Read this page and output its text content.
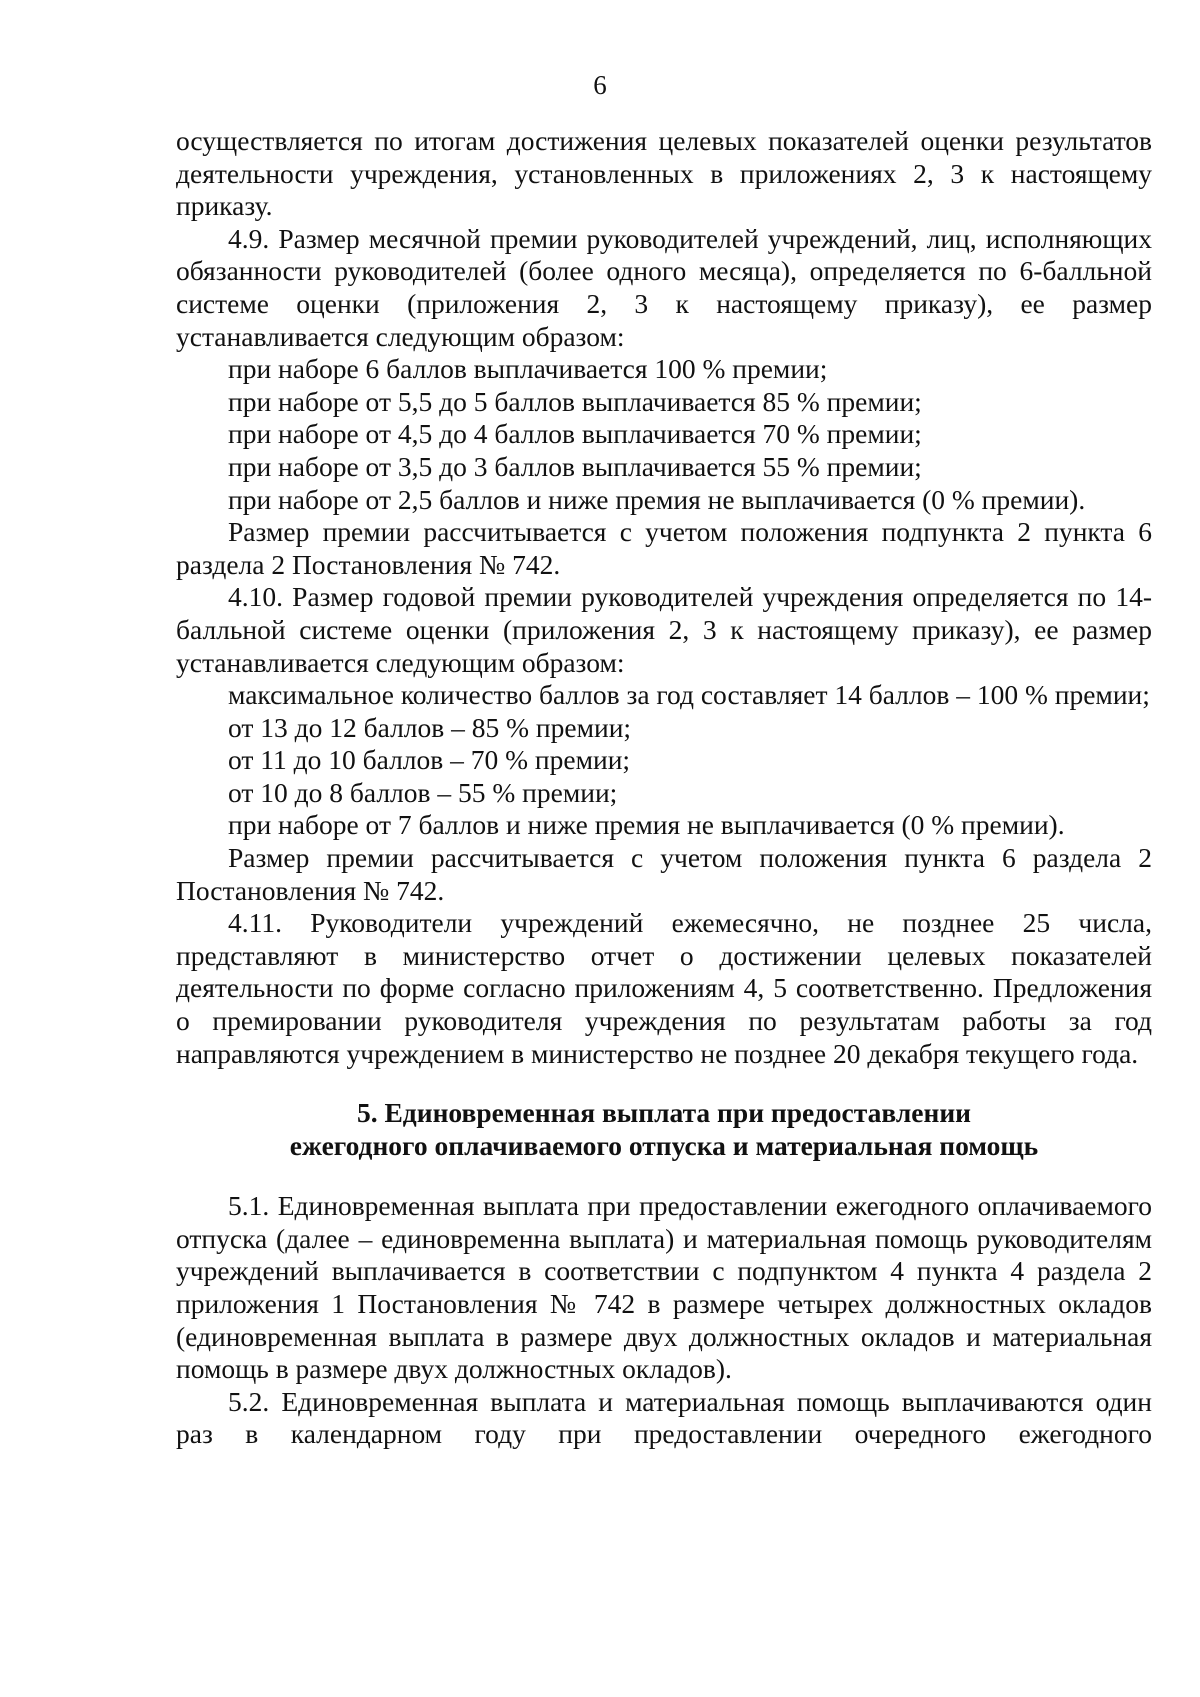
6

осуществляется по итогам достижения целевых показателей оценки результатов деятельности учреждения, установленных в приложениях 2, 3 к настоящему приказу.

4.9. Размер месячной премии руководителей учреждений, лиц, исполняющих обязанности руководителей (более одного месяца), определяется по 6-балльной системе оценки (приложения 2, 3 к настоящему приказу), ее размер устанавливается следующим образом:

при наборе 6 баллов выплачивается 100 % премии;

при наборе от 5,5 до 5 баллов выплачивается 85 % премии;

при наборе от 4,5 до 4 баллов выплачивается 70 % премии;

при наборе от 3,5 до 3 баллов выплачивается 55 % премии;

при наборе от 2,5 баллов и ниже премия не выплачивается (0 % премии).

Размер премии рассчитывается с учетом положения подпункта 2 пункта 6 раздела 2 Постановления № 742.

4.10. Размер годовой премии руководителей учреждения определяется по 14-балльной системе оценки (приложения 2, 3 к настоящему приказу), ее размер устанавливается следующим образом:

максимальное количество баллов за год составляет 14 баллов – 100 % премии;

от 13 до 12 баллов – 85 % премии;

от 11 до 10 баллов – 70 % премии;

от 10 до 8 баллов – 55 % премии;

при наборе от 7 баллов и ниже премия не выплачивается (0 % премии).

Размер премии рассчитывается с учетом положения пункта 6 раздела 2 Постановления № 742.

4.11. Руководители учреждений ежемесячно, не позднее 25 числа, представляют в министерство отчет о достижении целевых показателей деятельности по форме согласно приложениям 4, 5 соответственно. Предложения о премировании руководителя учреждения по результатам работы за год направляются учреждением в министерство не позднее 20 декабря текущего года.

5. Единовременная выплата при предоставлении
ежегодного оплачиваемого отпуска и материальная помощь

5.1. Единовременная выплата при предоставлении ежегодного оплачиваемого отпуска (далее – единовременна выплата) и материальная помощь руководителям учреждений выплачивается в соответствии с подпунктом 4 пункта 4 раздела 2 приложения 1 Постановления № 742 в размере четырех должностных окладов (единовременная выплата в размере двух должностных окладов и материальная помощь в размере двух должностных окладов).

5.2. Единовременная выплата и материальная помощь выплачиваются один раз в календарном году при предоставлении очередного ежегодного
